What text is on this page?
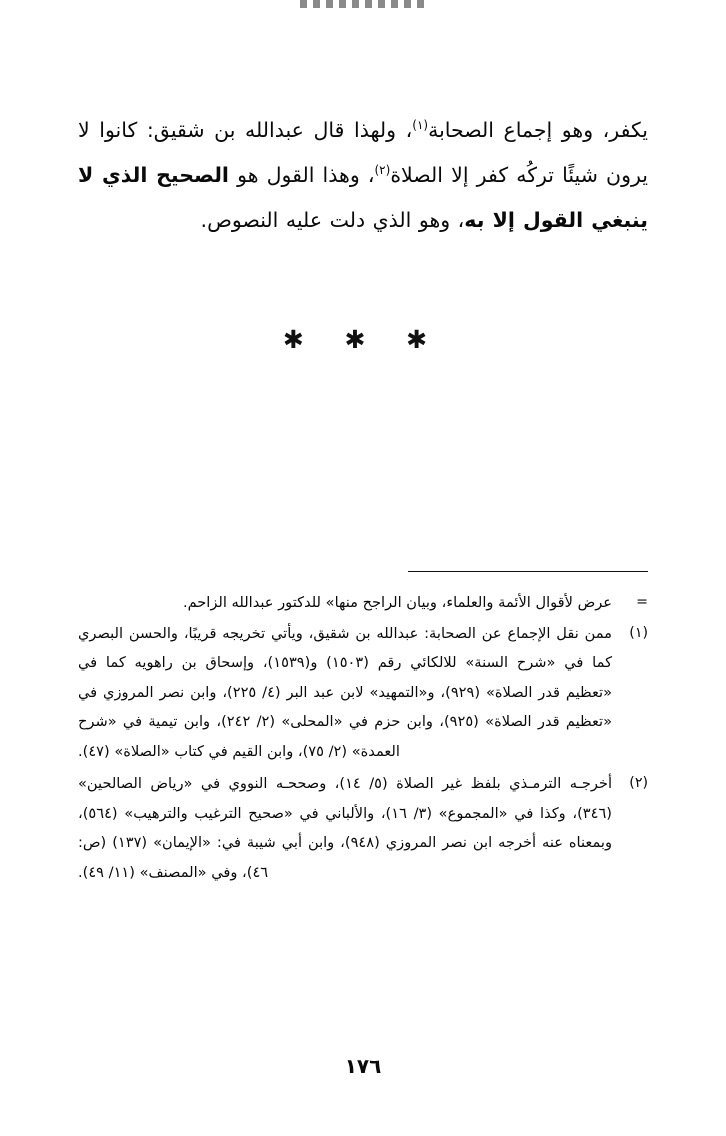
يكفر، وهو إجماع الصحابة$^{(١)}$، ولهذا قال عبدالله بن شقيق: كانوا لا يرون شيئًا تركُه كفر إلا الصلاة$^{(٢)}$، وهذا القول هو الصحيح الذي لا ينبغي القول إلا به، وهو الذي دلت عليه النصوص.

✱ ✱ ✱
=
عرض لأقوال الأئمة والعلماء، وبيان الراجح منها» للدكتور عبدالله الزاحم.
(١)
ممن نقل الإجماع عن الصحابة: عبدالله بن شقيق، ويأتي تخريجه قريبًا، والحسن البصري كما في «شرح السنة» للالكائي رقم (١٥٠٣) و(١٥٣٩)، وإسحاق بن راهويه كما في «تعظيم قدر الصلاة» (٩٢٩)، و«التمهيد» لابن عبد البر (٤/ ٢٢٥)، وابن نصر المروزي في «تعظيم قدر الصلاة» (٩٢٥)، وابن حزم في «المحلى» (٢/ ٢٤٢)، وابن تيمية في «شرح العمدة» (٢/ ٧٥)، وابن القيم في كتاب «الصلاة» (٤٧).
(٢)
أخرجـه الترمـذي بلفظ غير الصلاة (٥/ ١٤)، وصححـه النووي في «رياض الصالحين» (٣٤٦)، وكذا في «المجموع» (٣/ ١٦)، والألباني في «صحيح الترغيب والترهيب» (٥٦٤)، وبمعناه عنه أخرجه ابن نصر المروزي (٩٤٨)، وابن أبي شيبة في: «الإيمان» (١٣٧) (ص: ٤٦)، وفي «المصنف» (١١/ ٤٩).
١٧٦
